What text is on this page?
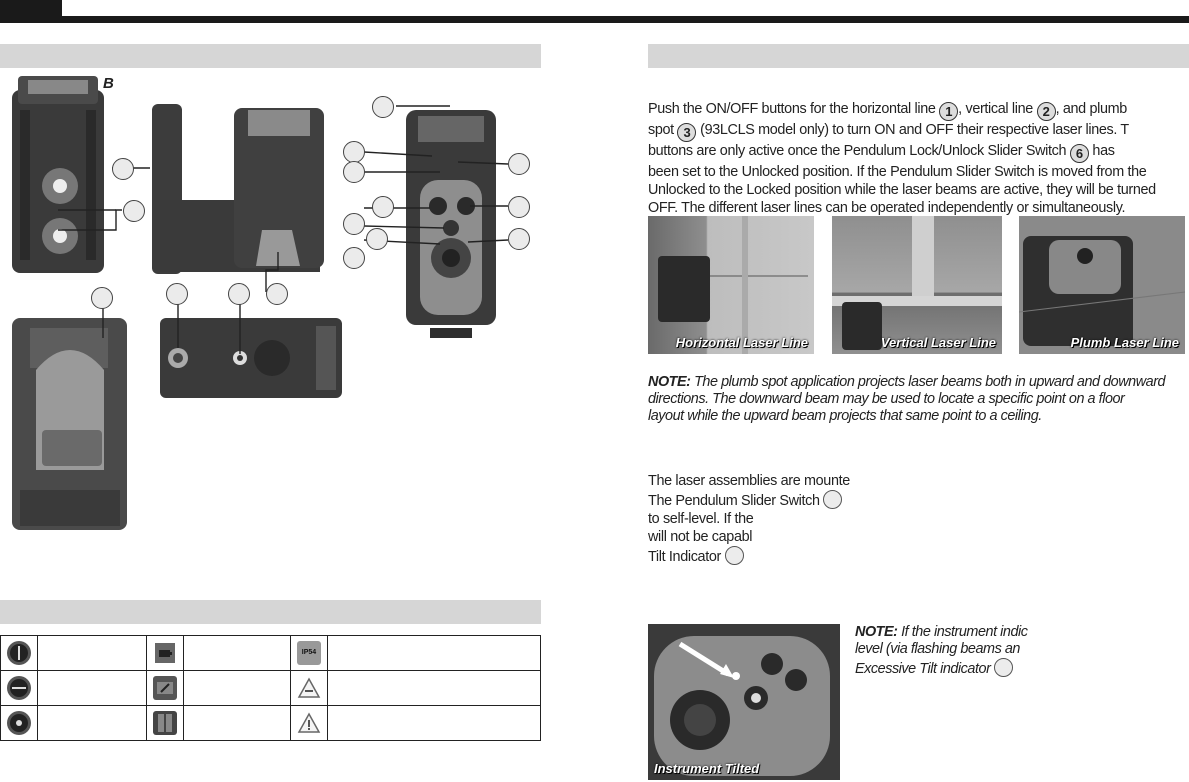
B

IP54	

Push the ON/OFF buttons for the horizontal line 1 , vertical line 2 , and plumb
spot 3 (93LCLS model only) to turn ON and OFF their respective laser lines. T
buttons are only active once the Pendulum Lock/Unlock Slider Switch 6 has
been set to the Unlocked position. If the Pendulum Slider Switch is moved from the
Unlocked to the Locked position while the laser beams are active, they will be turned
OFF. The different laser lines can be operated independently or simultaneously.
Horizontal Laser Line	Vertical Laser Line	Plumb Laser Line
NOTE: The plumb spot application projects laser beams both in upward and downward
directions. The downward beam may be used to locate a specific point on a floor
layout while the upward beam projects that same point to a ceiling.
The laser assemblies are mounte
The Pendulum Slider Switch
to self-level. If the
will not be capabl
Tilt Indicator
Instrument Tilted
NOTE: If the instrument indic
level (via flashing beams an
Excessive Tilt indicator
